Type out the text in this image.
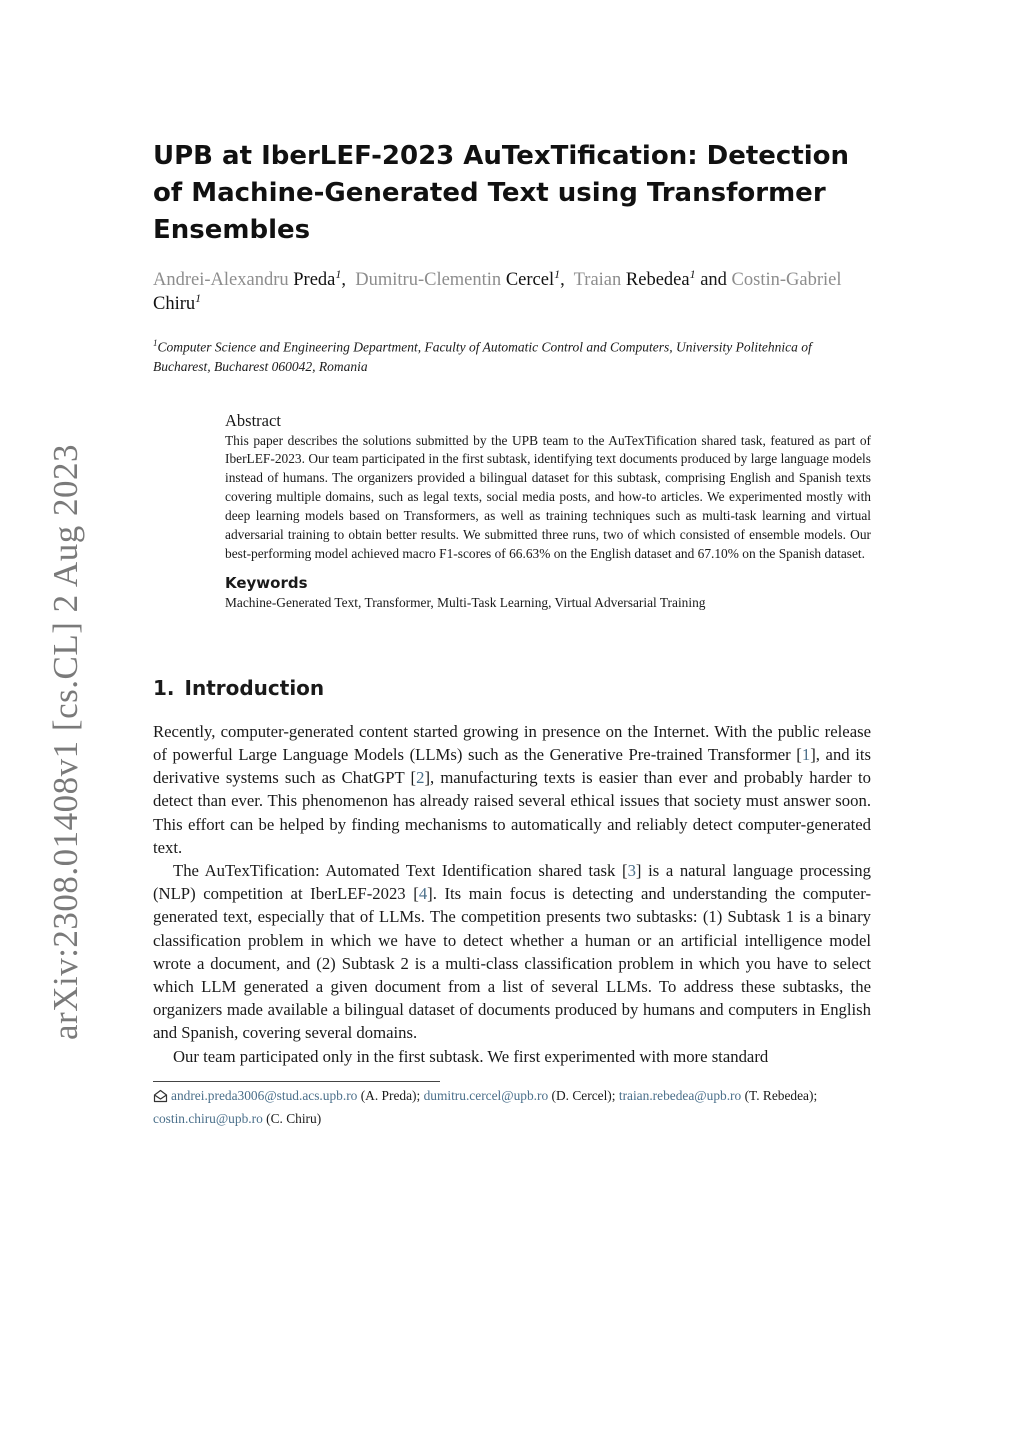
arXiv:2308.01408v1 [cs.CL] 2 Aug 2023
UPB at IberLEF-2023 AuTexTification: Detection of Machine-Generated Text using Transformer Ensembles
Andrei-Alexandru Preda$^1$,  Dumitru-Clementin Cercel$^1$,  Traian Rebedea$^1$ and Costin-Gabriel Chiru$^1$
$^1$Computer Science and Engineering Department, Faculty of Automatic Control and Computers, University Politehnica of Bucharest, Bucharest 060042, Romania
Abstract

This paper describes the solutions submitted by the UPB team to the AuTexTification shared task, featured as part of IberLEF-2023. Our team participated in the first subtask, identifying text documents produced by large language models instead of humans. The organizers provided a bilingual dataset for this subtask, comprising English and Spanish texts covering multiple domains, such as legal texts, social media posts, and how-to articles. We experimented mostly with deep learning models based on Transformers, as well as training techniques such as multi-task learning and virtual adversarial training to obtain better results. We submitted three runs, two of which consisted of ensemble models. Our best-performing model achieved macro F1-scores of 66.63% on the English dataset and 67.10% on the Spanish dataset.

Keywords
Machine-Generated Text, Transformer, Multi-Task Learning, Virtual Adversarial Training
1. Introduction

Recently, computer-generated content started growing in presence on the Internet. With the public release of powerful Large Language Models (LLMs) such as the Generative Pre-trained Transformer [1], and its derivative systems such as ChatGPT [2], manufacturing texts is easier than ever and probably harder to detect than ever. This phenomenon has already raised several ethical issues that society must answer soon. This effort can be helped by finding mechanisms to automatically and reliably detect computer-generated text.

The AuTexTification: Automated Text Identification shared task [3] is a natural language processing (NLP) competition at IberLEF-2023 [4]. Its main focus is detecting and understanding the computer-generated text, especially that of LLMs. The competition presents two subtasks: (1) Subtask 1 is a binary classification problem in which we have to detect whether a human or an artificial intelligence model wrote a document, and (2) Subtask 2 is a multi-class classification problem in which you have to select which LLM generated a given document from a list of several LLMs. To address these subtasks, the organizers made available a bilingual dataset of documents produced by humans and computers in English and Spanish, covering several domains.

Our team participated only in the first subtask. We first experimented with more standard

andrei.preda3006@stud.acs.upb.ro (A. Preda); dumitru.cercel@upb.ro (D. Cercel); traian.rebedea@upb.ro (T. Rebedea); costin.chiru@upb.ro (C. Chiru)
